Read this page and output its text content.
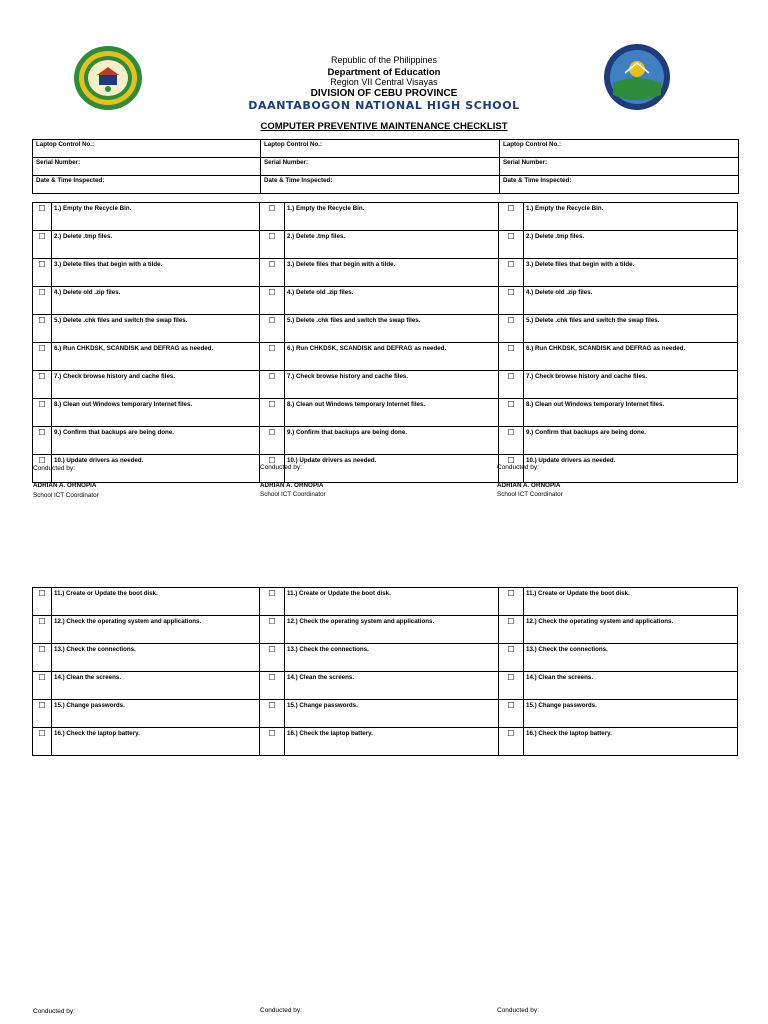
Republic of the Philippines
Department of Education
Region VII Central Visayas
DIVISION OF CEBU PROVINCE
DAANTABOGON NATIONAL HIGH SCHOOL
COMPUTER PREVENTIVE MAINTENANCE CHECKLIST
Laptop Control No.:	Laptop Control No.:	Laptop Control No.:
Serial Number:	Serial Number:	Serial Number:
Date & Time Inspected:	Date & Time Inspected:	Date & Time Inspected:
☐	1.) Empty the Recycle Bin.	☐	1.) Empty the Recycle Bin.	☐	1.) Empty the Recycle Bin.
☐	2.) Delete .tmp files.	☐	2.) Delete .tmp files.	☐	2.) Delete .tmp files.
☐	3.) Delete files that begin with a tilde.	☐	3.) Delete files that begin with a tilde.	☐	3.) Delete files that begin with a tilde.
☐	4.) Delete old .zip files.	☐	4.) Delete old .zip files.	☐	4.) Delete old .zip files.
☐	5.) Delete .chk files and switch the swap files.	☐	5.) Delete .chk files and switch the swap files.	☐	5.) Delete .chk files and switch the swap files.
☐	6.) Run CHKDSK, SCANDISK and DEFRAG as needed.	☐	6.) Run CHKDSK, SCANDISK and DEFRAG as needed.	☐	6.) Run CHKDSK, SCANDISK and DEFRAG as needed.
☐	7.) Check browse history and cache files.	☐	7.) Check browse history and cache files.	☐	7.) Check browse history and cache files.
☐	8.) Clean out Windows temporary Internet files.	☐	8.) Clean out Windows temporary Internet files.	☐	8.) Clean out Windows temporary Internet files.
☐	9.) Confirm that backups are being done.	☐	9.) Confirm that backups are being done.	☐	9.) Confirm that backups are being done.
☐	10.) Update drivers as needed.	☐	10.) Update drivers as needed.	☐	10.) Update drivers as needed.
Conducted by:	Conducted by:	Conducted by:
ADRIAN A. ORNOPIA	ADRIAN A. ORNOPIA	ADRIAN A. ORNOPIA
School ICT Coordinator	School ICT Coordinator	School ICT Coordinator
☐	11.) Create or Update the boot disk.	☐	11.) Create or Update the boot disk.	☐	11.) Create or Update the boot disk.
☐	12.) Check the operating system and applications.	☐	12.) Check the operating system and applications.	☐	12.) Check the operating system and applications.
☐	13.) Check the connections.	☐	13.) Check the connections.	☐	13.) Check the connections.
☐	14.) Clean the screens.	☐	14.) Clean the screens.	☐	14.) Clean the screens.
☐	15.) Change passwords.	☐	15.) Change passwords.	☐	15.) Change passwords.
☐	16.) Check the laptop battery.	☐	16.) Check the laptop battery.	☐	16.) Check the laptop battery.
Conducted by:	Conducted by:	Conducted by:
